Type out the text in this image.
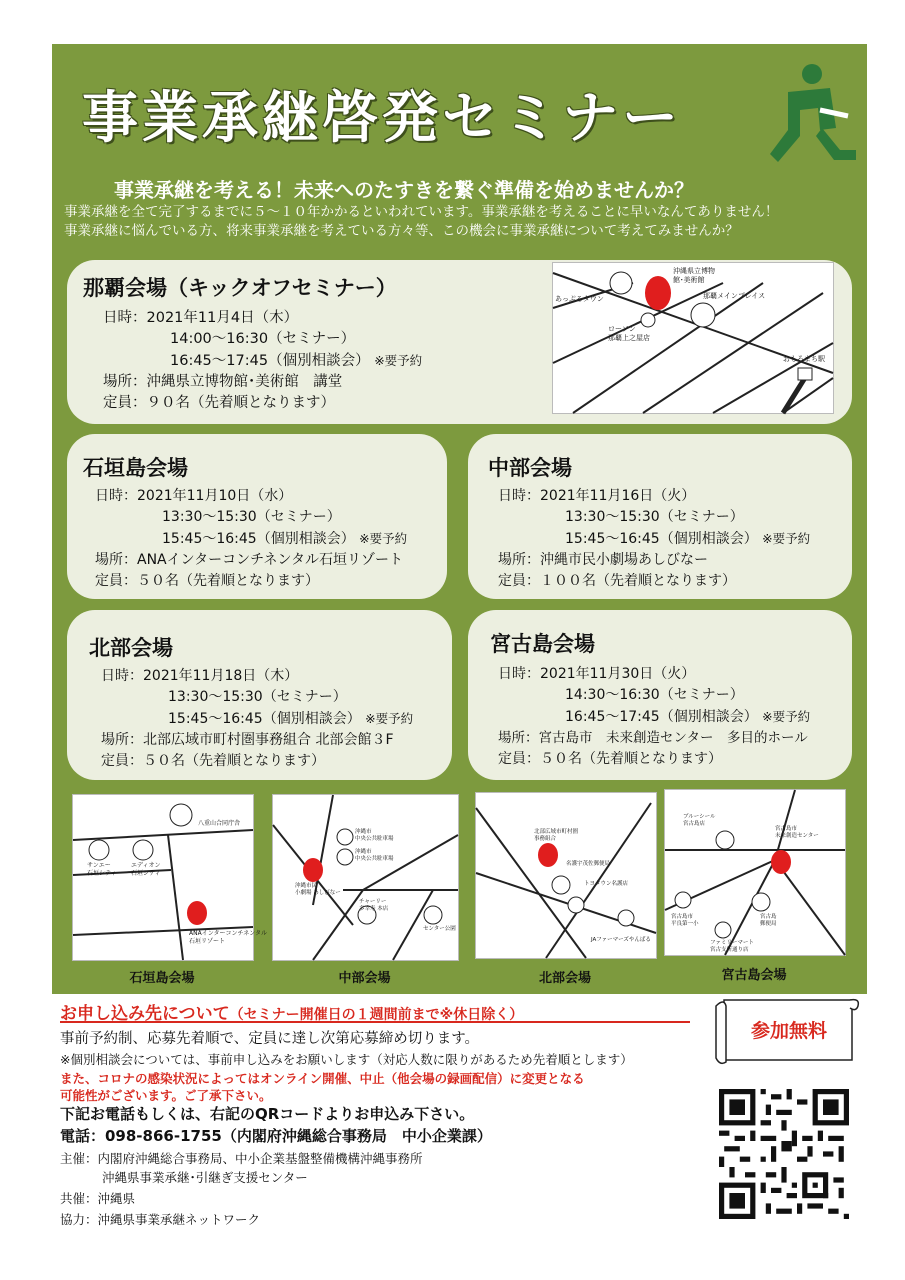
事業承継啓発セミナー
事業承継を考える！未来へのたすきを繋ぐ準備を始めませんか？
事業承継を全て完了するまでに５～１０年かかるといわれています。事業承継を考えることに早いなんてありません！
事業承継に悩んでいる方、将来事業承継を考えている方々等、この機会に事業承継について考えてみませんか？
那覇会場（キックオフセミナー）
日時：2021年11月4日（木）
14:00～16:30（セミナー）
16:45～17:45（個別相談会） ※要予約
場所：沖縄県立博物館･美術館　講堂
定員：９０名（先着順となります）
沖縄県立博物
館･美術館
あっぷるタウン	那覇メインプレイス
ローソン
那覇上之屋店
おもろまち駅
石垣島会場
日時：2021年11月10日（水）
13:30～15:30（セミナー）
15:45～16:45（個別相談会） ※要予約
場所：ANAインターコンチネンタル石垣リゾート
定員：５０名（先着順となります）
中部会場
日時：2021年11月16日（火）
13:30～15:30（セミナー）
15:45～16:45（個別相談会） ※要予約
場所：沖縄市民小劇場あしびなー
定員：１００名（先着順となります）
北部会場
日時：2021年11月18日（木）
13:30～15:30（セミナー）
15:45～16:45（個別相談会） ※要予約
場所：北部広域市町村圏事務組合 北部会館３F
定員：５０名（先着順となります）
宮古島会場
日時：2021年11月30日（火）
14:30～16:30（セミナー）
16:45～17:45（個別相談会） ※要予約
場所：宮古島市　未来創造センター　多目的ホール
定員：５０名（先着順となります）
八重山合同庁舎
サンエー
石垣シティ
エディオン
石垣シティ
ANAインターコンチネンタル
石垣リゾート
石垣島会場
沖縄市
中央公共駐車場
沖縄市
中央公共駐車場
沖縄市民
小劇場 あしびなー
チャーリー
多幸寿 本店
センター公園
中部会場
北部広域市町村圏
事務組合
名護宇茂佐郵便局
トヨタウン名護店
JAファーマーズやんばる
北部会場
ブルーシール
宮古島店
宮古島市
未来創造センター
宮古島市
平良第一小
宮古島
郵便局
ファミリーマート
宮古支所通り店
宮古島会場
お申し込み先について（セミナー開催日の１週間前まで※休日除く）
事前予約制、応募先着順で、定員に達し次第応募締め切ります。
※個別相談会については、事前申し込みをお願いします（対応人数に限りがあるため先着順とします）
また、コロナの感染状況によってはオンライン開催、中止（他会場の録画配信）に変更となる
可能性がございます。ご了承下さい。
下記お電話もしくは、右記のQRコードよりお申込み下さい。
電話：098-866-1755（内閣府沖縄総合事務局　中小企業課）
主催：内閣府沖縄総合事務局、中小企業基盤整備機構沖縄事務所
沖縄県事業承継･引継ぎ支援センター
共催：沖縄県
協力：沖縄県事業承継ネットワーク
参加無料
